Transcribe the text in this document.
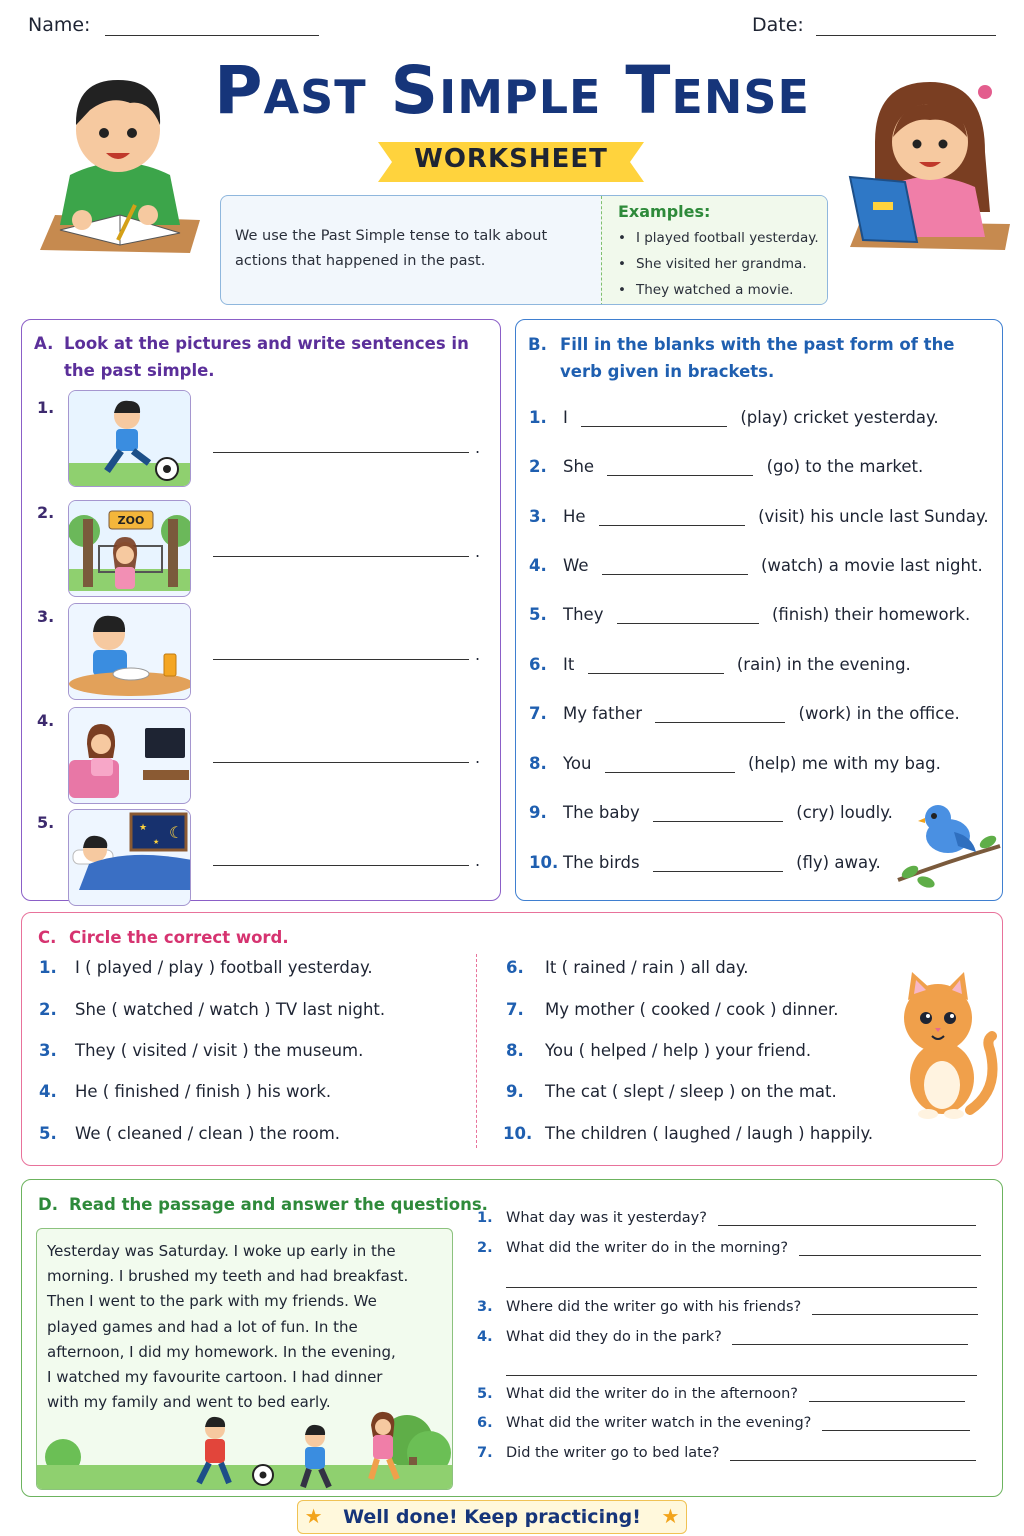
Name:	Date:
Past Simple Tense
WORKSHEET
We use the Past Simple tense to talk about actions that happened in the past.
Examples:
• I played football yesterday.
• She visited her grandma.
• They watched a movie.
A. Look at the pictures and write sentences in the past simple.
1.
.
2.	ZOO
.
3.
.
4.
.
5.
☾
★
★
.
B. Fill in the blanks with the past form of the verb given in brackets.
1. I	(play) cricket yesterday.
2. She	(go) to the market.
3. He	(visit) his uncle last Sunday.
4. We	(watch) a movie last night.
5. They	(finish) their homework.
6. It	(rain) in the evening.
7. My father	(work) in the office.
8. You	(help) me with my bag.
9. The baby	(cry) loudly.
10. The birds	(fly) away.
C. Circle the correct word.
1. I ( played / play ) football yesterday.
2. She ( watched / watch ) TV last night.
3. They ( visited / visit ) the museum.
4. He ( finished / finish ) his work.
5. We ( cleaned / clean ) the room.
6. It ( rained / rain ) all day.
7. My mother ( cooked / cook ) dinner.
8. You ( helped / help ) your friend.
9. The cat ( slept / sleep ) on the mat.
10. The children ( laughed / laugh ) happily.
D. Read the passage and answer the questions.
Yesterday was Saturday. I woke up early in the
morning. I brushed my teeth and had breakfast.
Then I went to the park with my friends. We
played games and had a lot of fun. In the
afternoon, I did my homework. In the evening,
I watched my favourite cartoon. I had dinner
with my family and went to bed early.
1. What day was it yesterday?
2. What did the writer do in the morning?
3. Where did the writer go with his friends?
4. What did they do in the park?
5. What did the writer do in the afternoon?
6. What did the writer watch in the evening?
7. Did the writer go to bed late?
★ Well done! Keep practicing! ★
